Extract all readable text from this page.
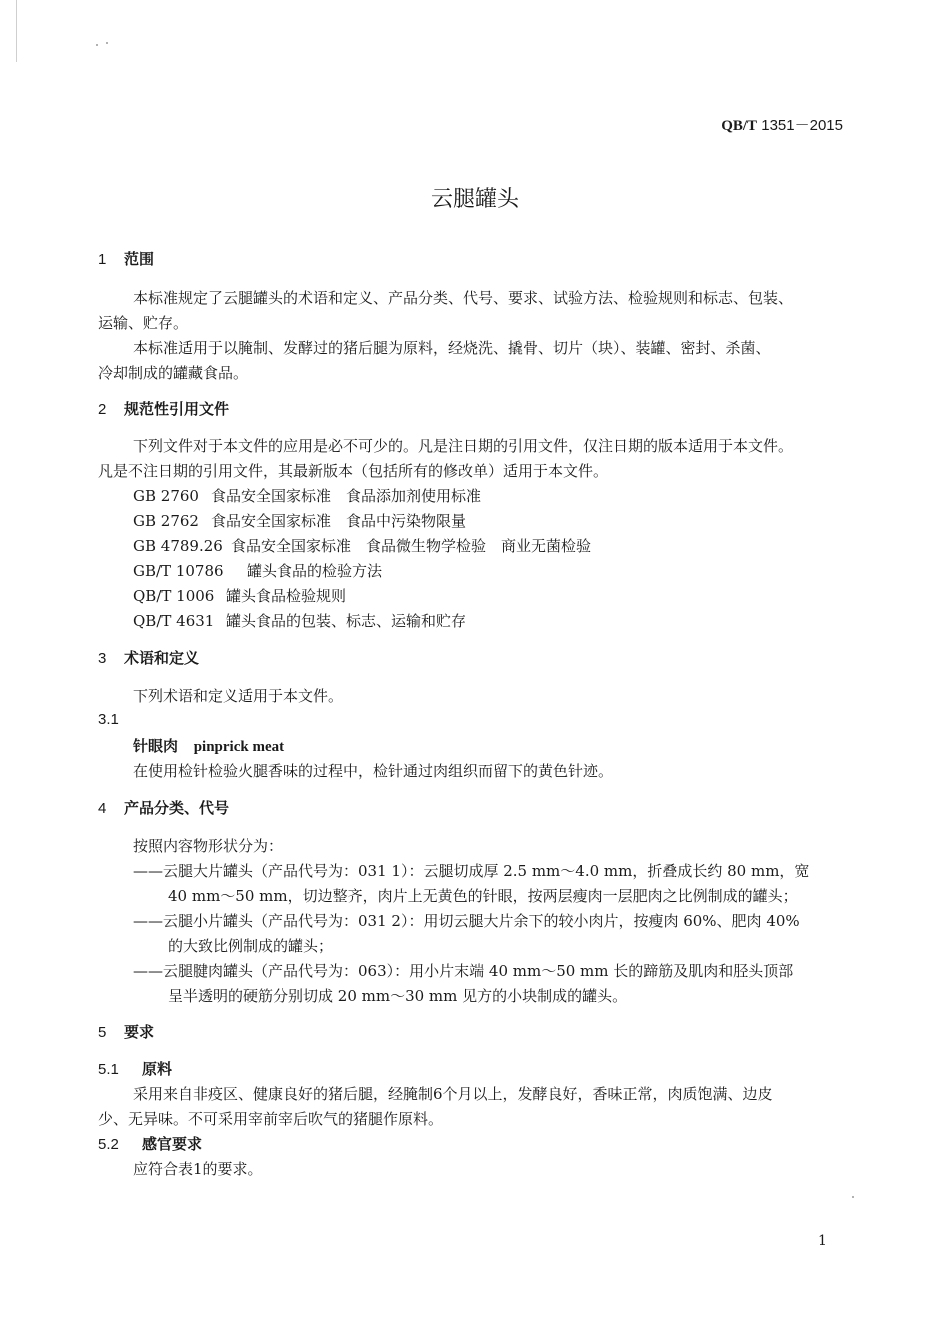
QB/T 1351－2015
云腿罐头
1 范围
本标准规定了云腿罐头的术语和定义、产品分类、代号、要求、试验方法、检验规则和标志、包装、
运输、贮存。
本标准适用于以腌制、发酵过的猪后腿为原料，经烧洗、撬骨、切片（块）、装罐、密封、杀菌、
冷却制成的罐藏食品。
2 规范性引用文件
下列文件对于本文件的应用是必不可少的。凡是注日期的引用文件，仅注日期的版本适用于本文件。
凡是不注日期的引用文件，其最新版本（包括所有的修改单）适用于本文件。
GB 2760 食品安全国家标准　食品添加剂使用标准
GB 2762 食品安全国家标准　食品中污染物限量
GB 4789.26 食品安全国家标准　食品微生物学检验　商业无菌检验
GB/T 10786 罐头食品的检验方法
QB/T 1006 罐头食品检验规则
QB/T 4631 罐头食品的包装、标志、运输和贮存
3 术语和定义
下列术语和定义适用于本文件。
3.1
针眼肉 pinprick meat
在使用检针检验火腿香味的过程中，检针通过肉组织而留下的黄色针迹。
4 产品分类、代号
按照内容物形状分为：
——云腿大片罐头（产品代号为：031 1）：云腿切成厚 2.5 mm～4.0 mm，折叠成长约 80 mm，宽
40 mm～50 mm，切边整齐，肉片上无黄色的针眼，按两层瘦肉一层肥肉之比例制成的罐头；
——云腿小片罐头（产品代号为：031 2）：用切云腿大片余下的较小肉片，按瘦肉 60%、肥肉 40%
的大致比例制成的罐头；
——云腿腱肉罐头（产品代号为：063）：用小片末端 40 mm～50 mm 长的蹄筋及肌肉和胫头顶部
呈半透明的硬筋分别切成 20 mm～30 mm 见方的小块制成的罐头。
5 要求
5.1 原料
采用来自非疫区、健康良好的猪后腿，经腌制6个月以上，发酵良好，香味正常，肉质饱满、边皮
少、无异味。不可采用宰前宰后吹气的猪腿作原料。
5.2 感官要求
应符合表1的要求。
1
